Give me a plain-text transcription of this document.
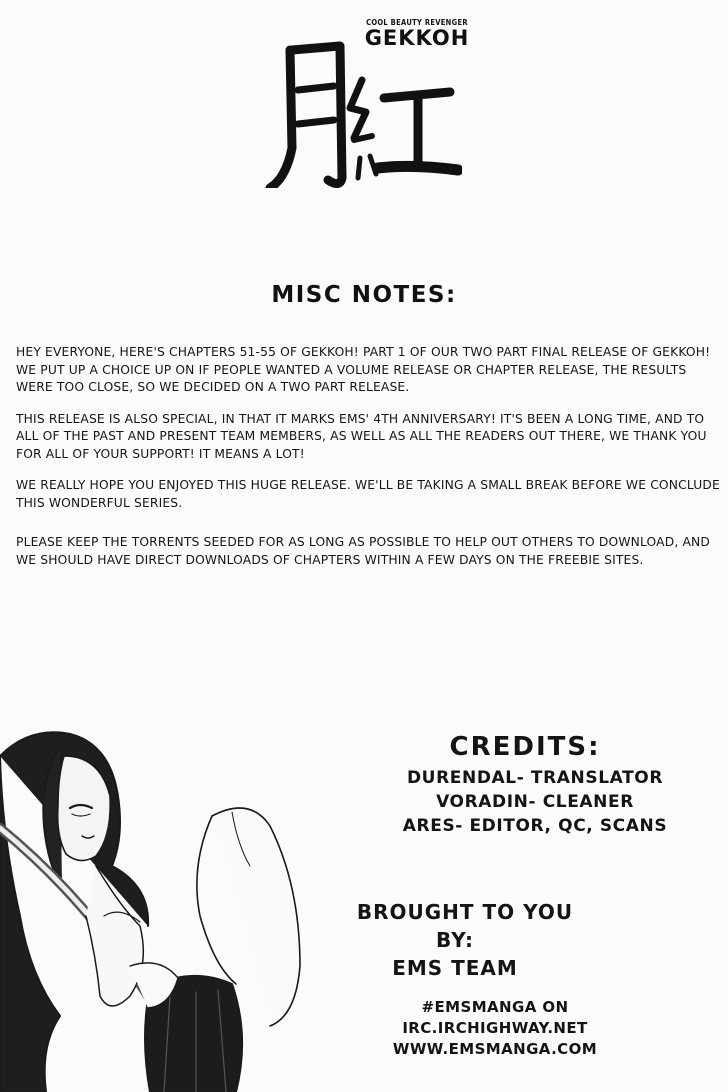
COOL BEAUTY REVENGER
GEKKOH
MISC NOTES:

HEY EVERYONE, HERE'S CHAPTERS 51-55 OF GEKKOH! PART 1 OF OUR TWO PART FINAL RELEASE OF GEKKOH! WE PUT UP A CHOICE UP ON IF PEOPLE WANTED A VOLUME RELEASE OR CHAPTER RELEASE, THE RESULTS WERE TOO CLOSE, SO WE DECIDED ON A TWO PART RELEASE.

THIS RELEASE IS ALSO SPECIAL, IN THAT IT MARKS EMS' 4TH ANNIVERSARY! IT'S BEEN A LONG TIME, AND TO ALL OF THE PAST AND PRESENT TEAM MEMBERS, AS WELL AS ALL THE READERS OUT THERE, WE THANK YOU FOR ALL OF YOUR SUPPORT! IT MEANS A LOT!

WE REALLY HOPE YOU ENJOYED THIS HUGE RELEASE. WE'LL BE TAKING A SMALL BREAK BEFORE WE CONCLUDE THIS WONDERFUL SERIES.

PLEASE KEEP THE TORRENTS SEEDED FOR AS LONG AS POSSIBLE TO HELP OUT OTHERS TO DOWNLOAD, AND WE SHOULD HAVE DIRECT DOWNLOADS OF CHAPTERS WITHIN A FEW DAYS ON THE FREEBIE SITES.

CREDITS:
DURENDAL- TRANSLATOR
VORADIN- CLEANER
ARES- EDITOR, QC, SCANS
BROUGHT TO YOU
BY:
EMS TEAM
#EMSMANGA ON
IRC.IRCHIGHWAY.NET
WWW.EMSMANGA.COM
